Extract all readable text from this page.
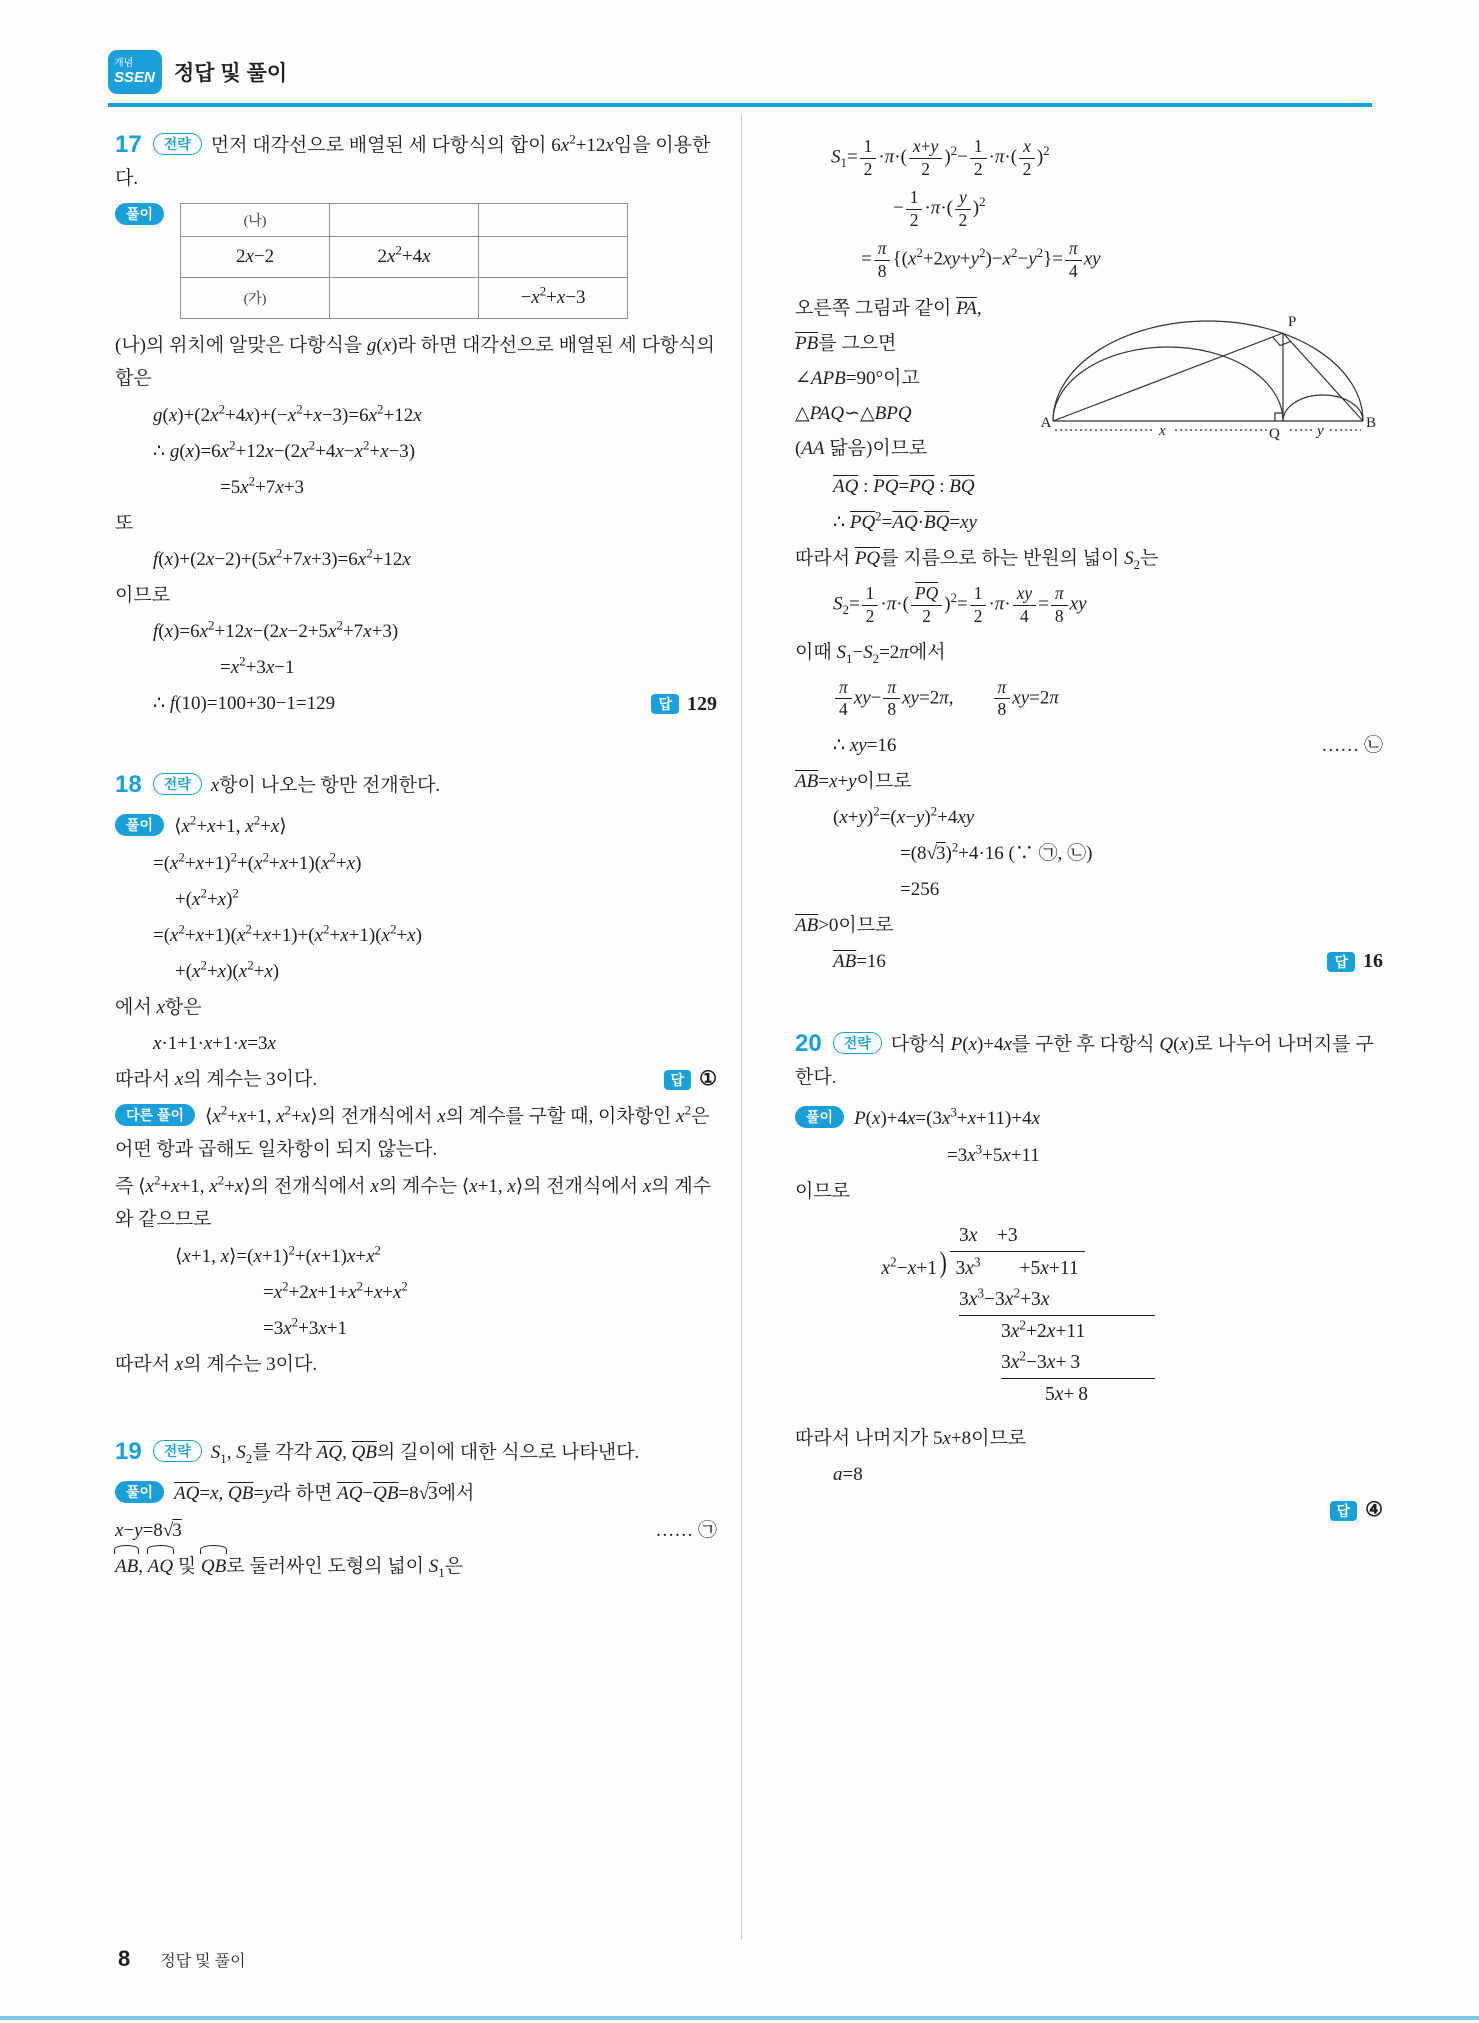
개념
SSEN 정답 및 풀이

17 전략 먼저 대각선으로 배열된 세 다항식의 합이 $6x^2+12x$임을 이용한다.

풀이	(나)		
2x−2	$2x^2+4x$	
(가)		$-x^2+x-3$

(나)의 위치에 알맞은 다항식을 g(x)라 하면 대각선으로 배열된 세 다항식의 합은

$g(x)+(2x^2+4x)+(-x^2+x-3)=6x^2+12x$
∴ $g(x)=6x^2+12x-(2x^2+4x-x^2+x-3)$
$=5x^2+7x+3$
또
$f(x)+(2x-2)+(5x^2+7x+3)=6x^2+12x$
이므로
$f(x)=6x^2+12x-(2x-2+5x^2+7x+3)$
$=x^2+3x-1$
∴ f(10)=100+30−1=129	답 129

18 전략 x항이 나오는 항만 전개한다.

풀이 $⟨x^2+x+1$, $x^2+x⟩$

$=(x^2+x+1)^2+(x^2+x+1)(x^2+x)$
$+(x^2+x)^2$
$=(x^2+x+1)(x^2+x+1)+(x^2+x+1)(x^2+x)$
$+(x^2+x)(x^2+x)$
에서 x항은
x·1+1·x+1·x=3x
따라서 x의 계수는 3이다.	답 ①

다른 풀이 $⟨x^2+x+1$, $x^2+x⟩$의 전개식에서 x의 계수를 구할 때, 이차항인 $x^2$은 어떤 항과 곱해도 일차항이 되지 않는다.

즉 $⟨x^2+x+1$, $x^2+x⟩$의 전개식에서 x의 계수는 ⟨x+1, x⟩의 전개식에서 x의 계수와 같으므로

⟨x+1, $x⟩=(x+1)^2+(x+1)x+x^2$
$=x^2+2x+1+x^2+x+x^2$
$=3x^2+3x+1$
따라서 x의 계수는 3이다.

19 전략 $S_1$, $S_2$를 각각 $\overline{AQ}$, $\overline{QB}$의 길이에 대한 식으로 나타낸다.

풀이 $\overline{AQ}=x$, $\overline{QB}=y$라 하면 $\overline{AQ}-\overline{QB}=8√3$에서

x−y=8√3	…… ㉠
AB, AQ 및 QB로 둘러싸인 도형의 넓이 $S_1$은
$S_1= \frac{1}{2} \cdot\pi\cdot( \frac{x+y}{2} )^2- \frac{1}{2} \cdot\pi\cdot( \frac{x}{2} )^2$
− $\frac{1}{2} \cdot\pi\cdot( \frac{y}{2} )^2$
= $\frac{\pi}{8} \{(x^2+2xy+y^2)-x^2-y^2\}= \frac{\pi}{4}$ xy
A	B
P
Q
x	y
오른쪽 그림과 같이 $\overline{PA}$,
$\overline{PB}$를 그으면
∠APB=90°이고
△PAQ∽△BPQ
(AA 닮음)이므로
$\overline{AQ}$ : $\overline{PQ}=\overline{PQ}$ : $\overline{BQ}$
∴ $\overline{PQ}^2=\overline{AQ}\cdot\overline{BQ}=xy$
따라서 $\overline{PQ}$를 지름으로 하는 반원의 넓이 $S_2$는
$S_2= \frac{1}{2} \cdot\pi\cdot( \frac{\overline{PQ}}{2} )^2= \frac{1}{2} \cdot\pi\cdot \frac{xy}{4} = \frac{\pi}{8}$ xy
이때 $S_1-S_2=2\pi$에서
$\frac{\pi}{4} xy- \frac{\pi}{8} xy=2\pi$,   $\frac{\pi}{8} xy=2\pi$
∴ xy=16	…… ㉡
$\overline{AB}=x+y$이므로
$(x+y)^2=(x-y)^2+4xy$
$=(8√3)^2+4\cdot 16$ (∵ ㉠, ㉡)
=256
$\overline{AB}>0$이므로
$\overline{AB}=16$	답 16

20 전략 다항식 P(x)+4x를 구한 후 다항식 Q(x)로 나누어 나머지를 구한다.

풀이 $P(x)+4x=(3x^3+x+11)+4x$

$=3x^3+5x+11$
이므로
3x +3
$x^2-x+1$ ) $3x^3$  +5x+11
$3x^3-3x^2+3x$
$3x^2+2x+11$
$3x^2-3x+ 3$
5x+ 8
따라서 나머지가 5x+8이므로
a=8
답 ④
8 정답 및 풀이
